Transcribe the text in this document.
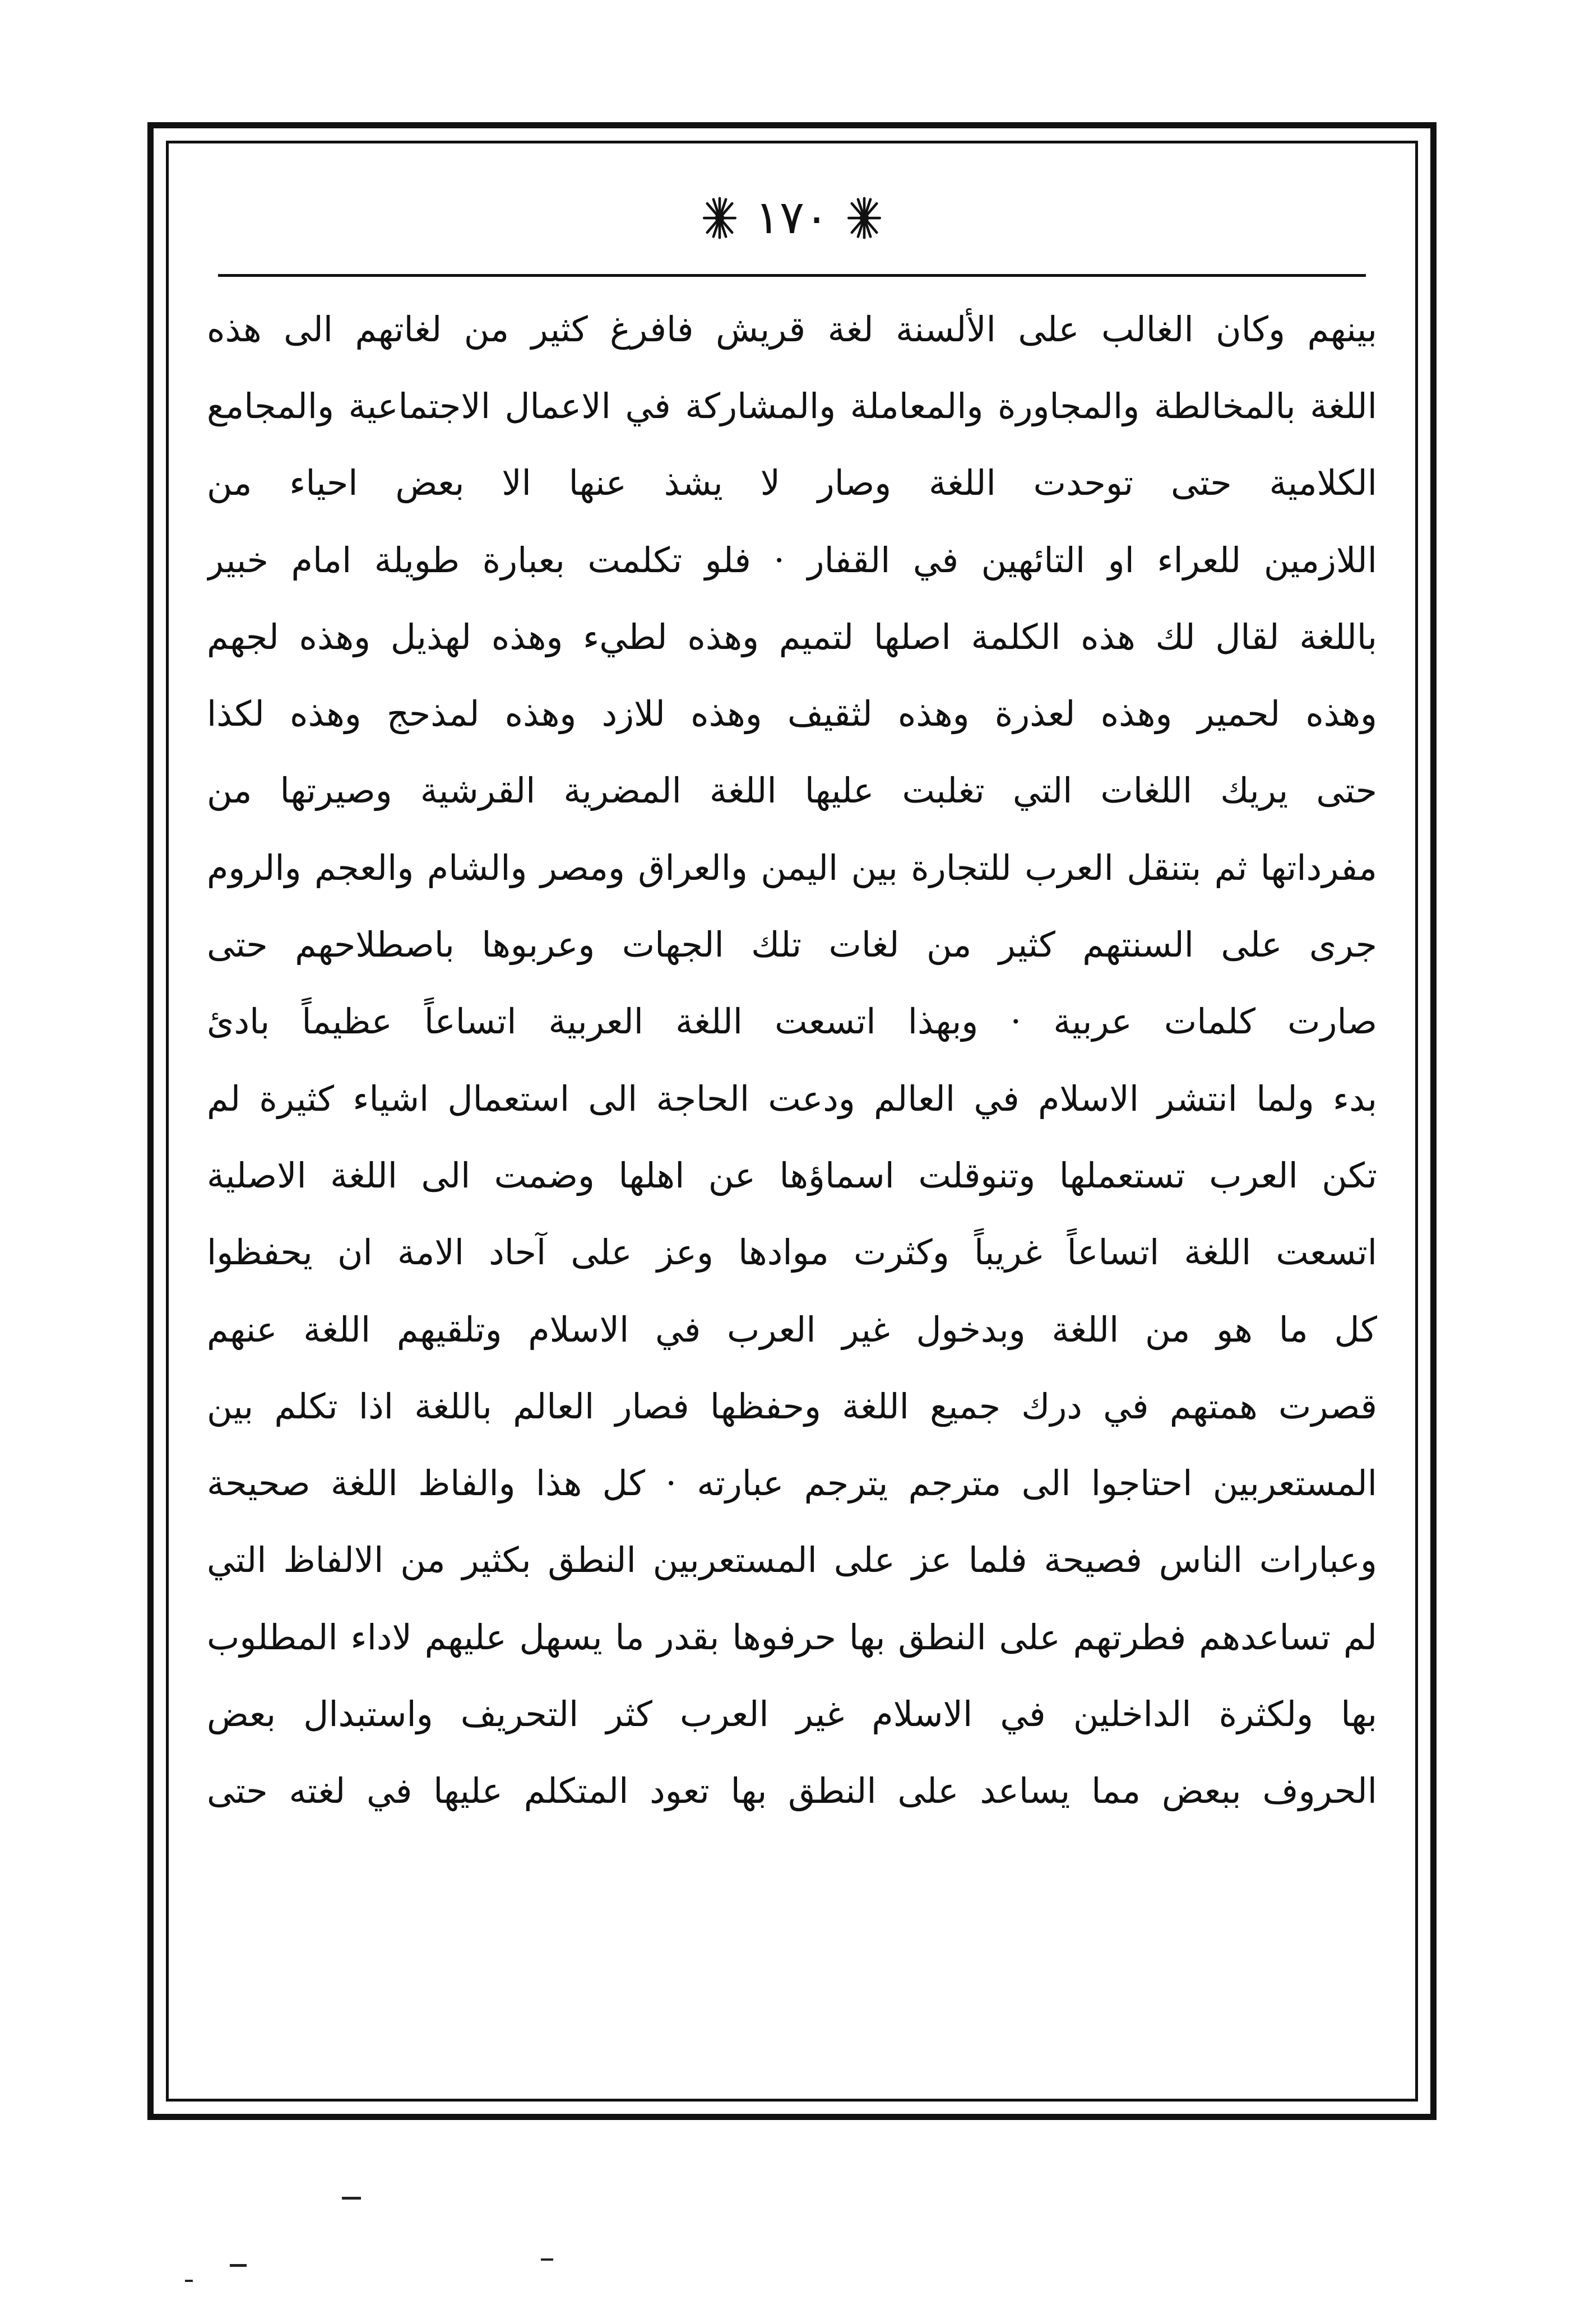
١٧٠
بينهم وكان الغالب على الألسنة لغة قريش فافرغ كثير من لغاتهم الى هذه
اللغة بالمخالطة والمجاورة والمعاملة والمشاركة في الاعمال الاجتماعية والمجامع
الكلامية حتى توحدت اللغة وصار لا يشذ عنها الا بعض احياء من
اللازمين للعراء او التائهين في القفار · فلو تكلمت بعبارة طويلة امام خبير
باللغة لقال لك هذه الكلمة اصلها لتميم وهذه لطيء وهذه لهذيل وهذه لجهم
وهذه لحمير وهذه لعذرة وهذه لثقيف وهذه للازد وهذه لمذحج وهذه لكذا
حتى يريك اللغات التي تغلبت عليها اللغة المضرية القرشية وصيرتها من
مفرداتها ثم بتنقل العرب للتجارة بين اليمن والعراق ومصر والشام والعجم والروم
جرى على السنتهم كثير من لغات تلك الجهات وعربوها باصطلاحهم حتى
صارت كلمات عربية · وبهذا اتسعت اللغة العربية اتساعاً عظيماً بادئ
بدء ولما انتشر الاسلام في العالم ودعت الحاجة الى استعمال اشياء كثيرة لم
تكن العرب تستعملها وتنوقلت اسماؤها عن اهلها وضمت الى اللغة الاصلية
اتسعت اللغة اتساعاً غريباً وكثرت موادها وعز على آحاد الامة ان يحفظوا
كل ما هو من اللغة وبدخول غير العرب في الاسلام وتلقيهم اللغة عنهم
قصرت همتهم في درك جميع اللغة وحفظها فصار العالم باللغة اذا تكلم بين
المستعربين احتاجوا الى مترجم يترجم عبارته · كل هذا والفاظ اللغة صحيحة
وعبارات الناس فصيحة فلما عز على المستعربين النطق بكثير من الالفاظ التي
لم تساعدهم فطرتهم على النطق بها حرفوها بقدر ما يسهل عليهم لاداء المطلوب
بها ولكثرة الداخلين في الاسلام غير العرب كثر التحريف واستبدال بعض
الحروف ببعض مما يساعد على النطق بها تعود المتكلم عليها في لغته حتى
